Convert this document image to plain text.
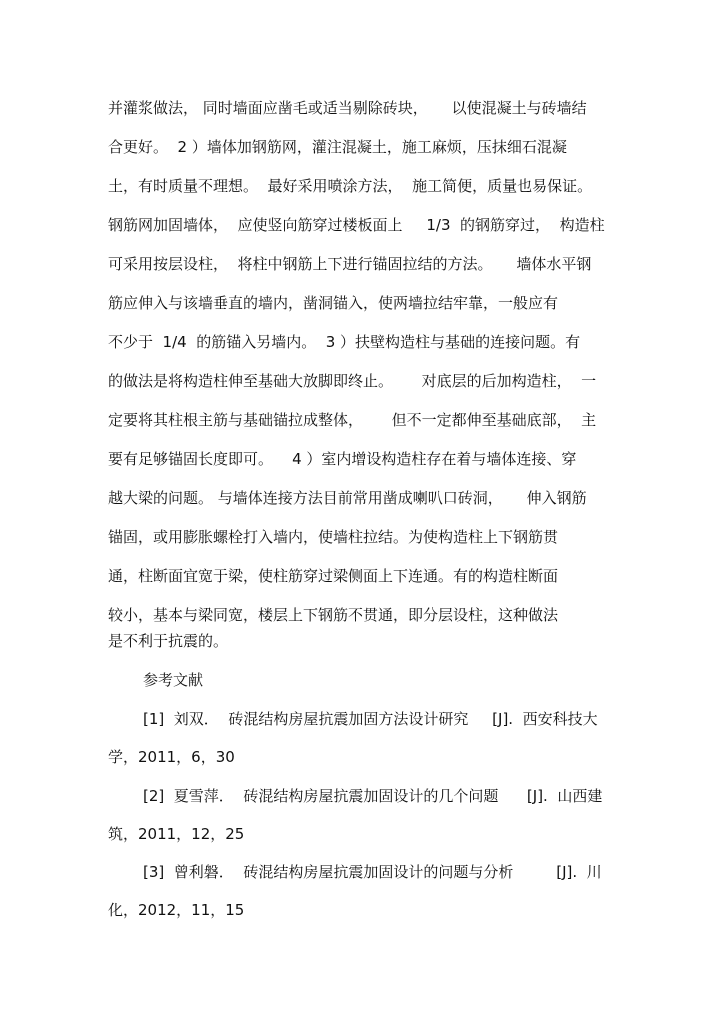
并灌浆做法， 同时墙面应凿毛或适当剔除砖块，     以使混凝土与砖墙结
合更好。  2 ）墙体加钢筋网，灌注混凝土，施工麻烦，压抹细石混凝
土，有时质量不理想。  最好采用喷涂方法，  施工简便，质量也易保证。
钢筋网加固墙体，  应使竖向筋穿过楼板面上     1/3  的钢筋穿过，  构造柱
可采用按层设柱，  将柱中钢筋上下进行锚固拉结的方法。     墙体水平钢
筋应伸入与该墙垂直的墙内，凿洞锚入，使两墙拉结牢靠，一般应有
不少于  1/4  的筋锚入另墙内。  3 ）扶壁构造柱与基础的连接问题。有
的做法是将构造柱伸至基础大放脚即终止。      对底层的后加构造柱，  一
定要将其柱根主筋与基础锚拉成整体，      但不一定都伸至基础底部，  主
要有足够锚固长度即可。    4 ）室内增设构造柱存在着与墙体连接、穿
越大梁的问题。 与墙体连接方法目前常用凿成喇叭口砖洞，     伸入钢筋
锚固，或用膨胀螺栓打入墙内，使墙柱拉结。为使构造柱上下钢筋贯
通，柱断面宜宽于梁，使柱筋穿过梁侧面上下连通。有的构造柱断面
较小，基本与梁同宽，楼层上下钢筋不贯通，即分层设柱，这种做法
是不利于抗震的。
参考文献
[1]  刘双．  砖混结构房屋抗震加固方法设计研究     [J].  西安科技大
学，2011，6，30
[2]  夏雪萍．  砖混结构房屋抗震加固设计的几个问题      [J].  山西建
筑，2011，12，25
[3]  曾利磐．  砖混结构房屋抗震加固设计的问题与分析         [J].  川
化，2012，11，15
